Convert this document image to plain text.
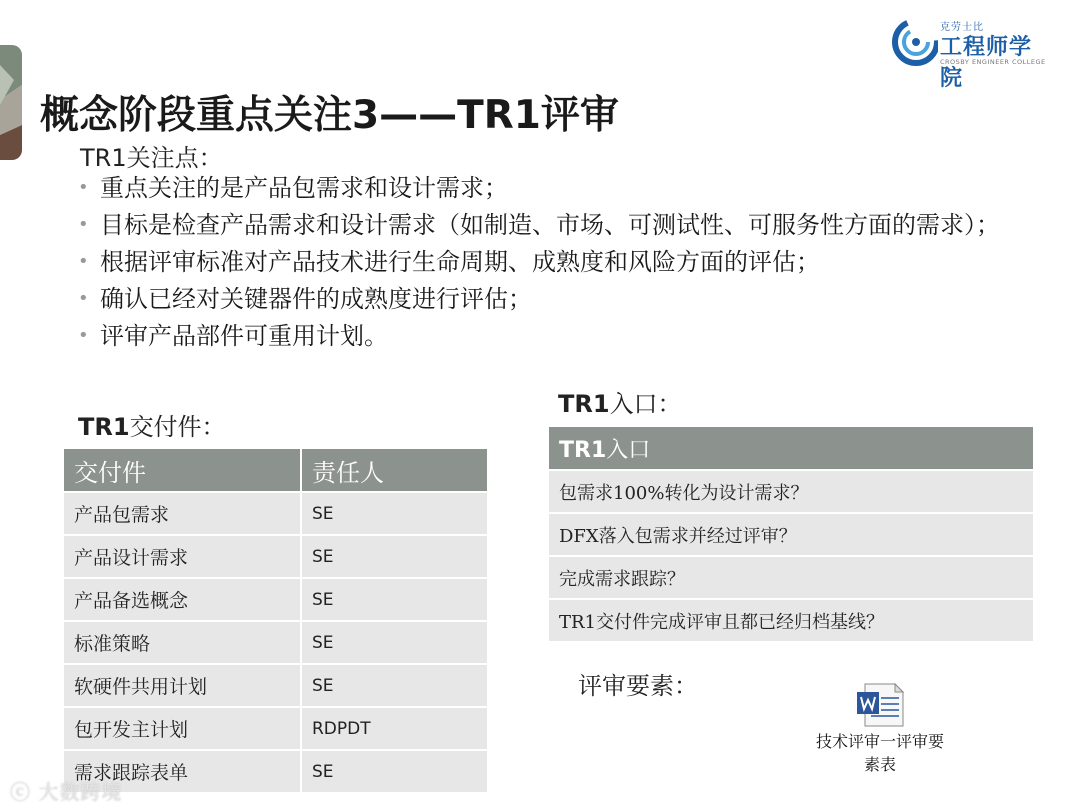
克劳士比
工程师学院
CROSBY ENGINEER COLLEGE
概念阶段重点关注3——TR1评审
TR1关注点：
• 重点关注的是产品包需求和设计需求；
• 目标是检查产品需求和设计需求（如制造、市场、可测试性、可服务性方面的需求）；
• 根据评审标准对产品技术进行生命周期、成熟度和风险方面的评估；
• 确认已经对关键器件的成熟度进行评估；
• 评审产品部件可重用计划。
TR1交付件：
交付件	责任人
产品包需求	SE
产品设计需求	SE
产品备选概念	SE
标准策略	SE
软硬件共用计划	SE
包开发主计划	RDPDT
需求跟踪表单	SE
TR1入口：
TR1入口
包需求100%转化为设计需求？
DFX落入包需求并经过评审？
完成需求跟踪？
TR1交付件完成评审且都已经归档基线？
评审要素：
技术评审一评审要
素表
ⓒ 大数跨境
